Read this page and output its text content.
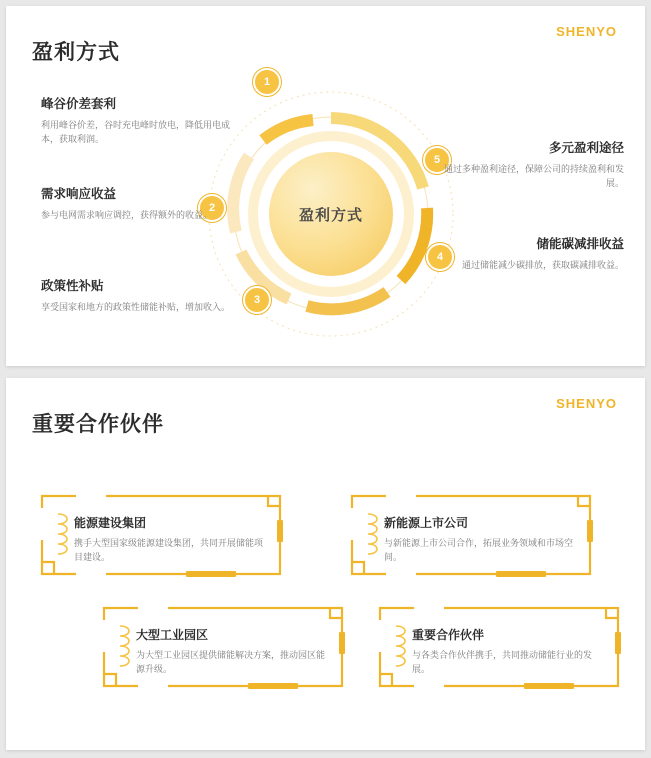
SHENYO
盈利方式
盈利方式
1
2
3
4
5
峰谷价差套利

利用峰谷价差，谷时充电峰时放电，降低用电成本，获取利润。

需求响应收益

参与电网需求响应调控，获得额外的收益。

政策性补贴

享受国家和地方的政策性储能补贴，增加收入。

储能碳减排收益

通过储能减少碳排放，获取碳减排收益。

多元盈利途径

通过多种盈利途径，保障公司的持续盈利和发展。

SHENYO
重要合作伙伴
能源建设集团

携手大型国家级能源建设集团，共同开展储能项目建设。

新能源上市公司

与新能源上市公司合作，拓展业务领域和市场空间。

大型工业园区

为大型工业园区提供储能解决方案，推动园区能源升级。

重要合作伙伴

与各类合作伙伴携手，共同推动储能行业的发展。
